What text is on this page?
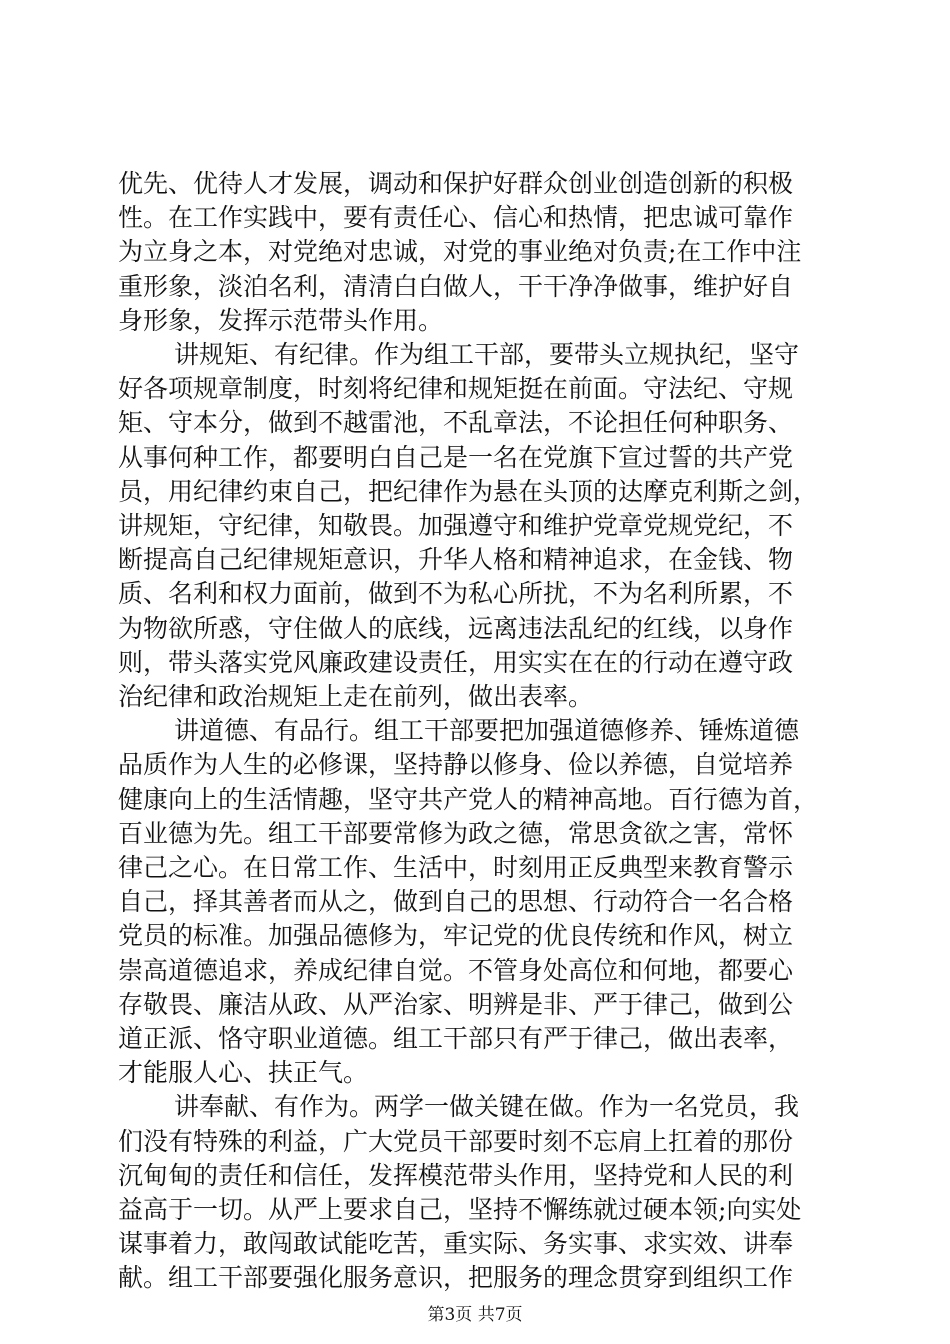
优先、优待人才发展，调动和保护好群众创业创造创新的积极

性。在工作实践中，要有责任心、信心和热情，把忠诚可靠作

为立身之本，对党绝对忠诚，对党的事业绝对负责;在工作中注

重形象，淡泊名利，清清白白做人，干干净净做事，维护好自

身形象，发挥示范带头作用。

讲规矩、有纪律。作为组工干部，要带头立规执纪，坚守

好各项规章制度，时刻将纪律和规矩挺在前面。守法纪、守规

矩、守本分，做到不越雷池，不乱章法，不论担任何种职务、

从事何种工作，都要明白自己是一名在党旗下宣过誓的共产党

员，用纪律约束自己，把纪律作为悬在头顶的达摩克利斯之剑，

讲规矩，守纪律，知敬畏。加强遵守和维护党章党规党纪，不

断提高自己纪律规矩意识，升华人格和精神追求，在金钱、物

质、名利和权力面前，做到不为私心所扰，不为名利所累，不

为物欲所惑，守住做人的底线，远离违法乱纪的红线，以身作

则，带头落实党风廉政建设责任，用实实在在的行动在遵守政

治纪律和政治规矩上走在前列，做出表率。

讲道德、有品行。组工干部要把加强道德修养、锤炼道德

品质作为人生的必修课，坚持静以修身、俭以养德，自觉培养

健康向上的生活情趣，坚守共产党人的精神高地。百行德为首，

百业德为先。组工干部要常修为政之德，常思贪欲之害，常怀

律己之心。在日常工作、生活中，时刻用正反典型来教育警示

自己，择其善者而从之，做到自己的思想、行动符合一名合格

党员的标准。加强品德修为，牢记党的优良传统和作风，树立

崇高道德追求，养成纪律自觉。不管身处高位和何地，都要心

存敬畏、廉洁从政、从严治家、明辨是非、严于律己，做到公

道正派、恪守职业道德。组工干部只有严于律己，做出表率，

才能服人心、扶正气。

讲奉献、有作为。两学一做关键在做。作为一名党员，我

们没有特殊的利益，广大党员干部要时刻不忘肩上扛着的那份

沉甸甸的责任和信任，发挥模范带头作用，坚持党和人民的利

益高于一切。从严上要求自己，坚持不懈练就过硬本领;向实处

谋事着力，敢闯敢试能吃苦，重实际、务实事、求实效、讲奉

献。组工干部要强化服务意识，把服务的理念贯穿到组织工作

第3页 共7页
